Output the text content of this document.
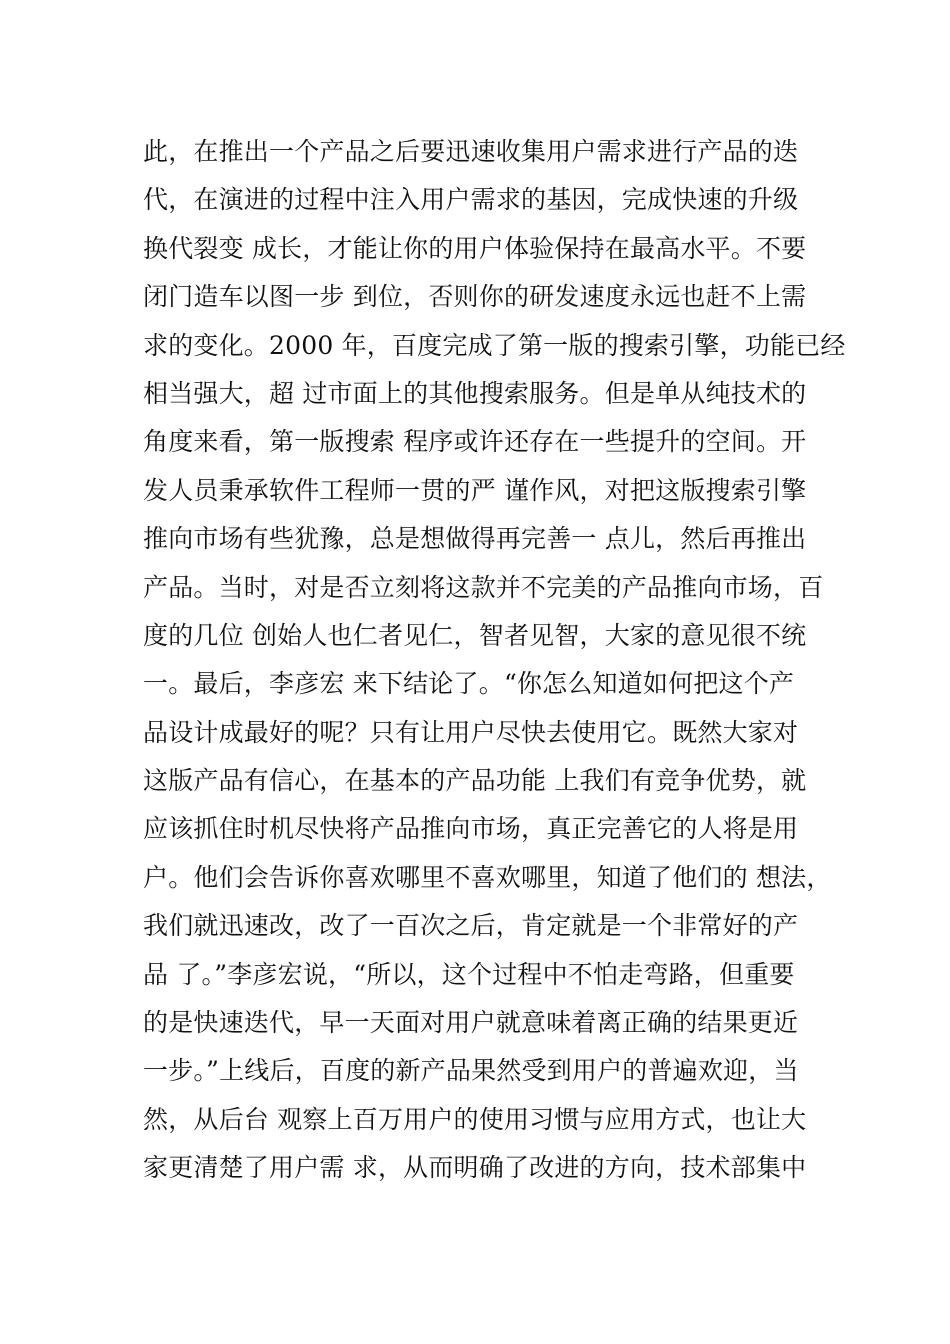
此，在推出一个产品之后要迅速收集用户需求进行产品的迭
代，在演进的过程中注入用户需求的基因，完成快速的升级
换代裂变 成长，才能让你的用户体验保持在最高水平。不要
闭门造车以图一步 到位，否则你的研发速度永远也赶不上需
求的变化。2000 年，百度完成了第一版的搜索引擎，功能已经
相当强大，超 过市面上的其他搜索服务。但是单从纯技术的
角度来看，第一版搜索 程序或许还存在一些提升的空间。开
发人员秉承软件工程师一贯的严 谨作风，对把这版搜索引擎
推向市场有些犹豫，总是想做得再完善一 点儿，然后再推出
产品。当时，对是否立刻将这款并不完美的产品推向市场，百
度的几位 创始人也仁者见仁，智者见智，大家的意见很不统
一。最后，李彦宏 来下结论了。“你怎么知道如何把这个产
品设计成最好的呢？只有让用户尽快去使用它。既然大家对
这版产品有信心，在基本的产品功能 上我们有竞争优势，就
应该抓住时机尽快将产品推向市场，真正完善它的人将是用
户。他们会告诉你喜欢哪里不喜欢哪里，知道了他们的 想法，
我们就迅速改，改了一百次之后，肯定就是一个非常好的产
品 了。”李彦宏说，“所以，这个过程中不怕走弯路，但重要
的是快速迭代，早一天面对用户就意味着离正确的结果更近
一步。”上线后，百度的新产品果然受到用户的普遍欢迎，当
然，从后台 观察上百万用户的使用习惯与应用方式，也让大
家更清楚了用户需 求，从而明确了改进的方向，技术部集中
